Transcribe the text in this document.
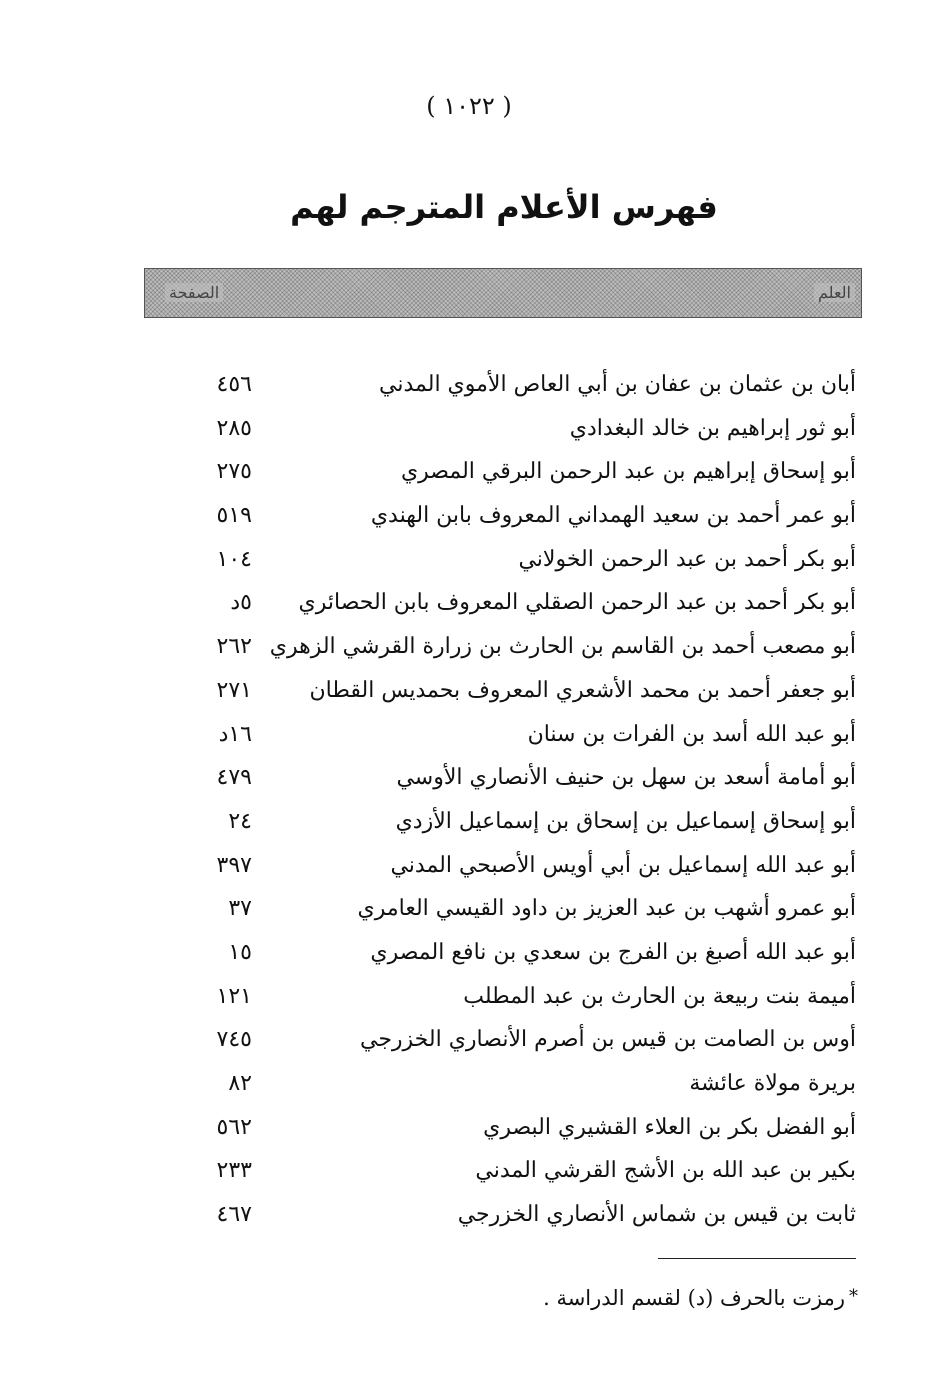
( ١٠٢٢ )
فهرس الأعلام المترجم لهم
العلم
الصفحة
أبان بن عثمان بن عفان بن أبي العاص الأموي المدني
٤٥٦
أبو ثور إبراهيم بن خالد البغدادي
٢٨٥
أبو إسحاق إبراهيم بن عبد الرحمن البرقي المصري
٢٧٥
أبو عمر أحمد بن سعيد الهمداني المعروف بابن الهندي
٥١٩
أبو بكر أحمد بن عبد الرحمن الخولاني
١٠٤
أبو بكر أحمد بن عبد الرحمن الصقلي المعروف بابن الحصائري
٥د
أبو مصعب أحمد بن القاسم بن الحارث بن زرارة القرشي الزهري
٢٦٢
أبو جعفر أحمد بن محمد الأشعري المعروف بحمديس القطان
٢٧١
أبو عبد الله أسد بن الفرات بن سنان
١٦د
أبو أمامة أسعد بن سهل بن حنيف الأنصاري الأوسي
٤٧٩
أبو إسحاق إسماعيل بن إسحاق بن إسماعيل الأزدي
٢٤
أبو عبد الله إسماعيل بن أبي أويس الأصبحي المدني
٣٩٧
أبو عمرو أشهب بن عبد العزيز بن داود القيسي العامري
٣٧
أبو عبد الله أصبغ بن الفرج بن سعدي بن نافع المصري
١٥
أميمة بنت ربيعة بن الحارث بن عبد المطلب
١٢١
أوس بن الصامت بن قيس بن أصرم الأنصاري الخزرجي
٧٤٥
بريرة مولاة عائشة
٨٢
أبو الفضل بكر بن العلاء القشيري البصري
٥٦٢
بكير بن عبد الله بن الأشج القرشي المدني
٢٣٣
ثابت بن قيس بن شماس الأنصاري الخزرجي
٤٦٧
*رمزت بالحرف (د) لقسم الدراسة .
